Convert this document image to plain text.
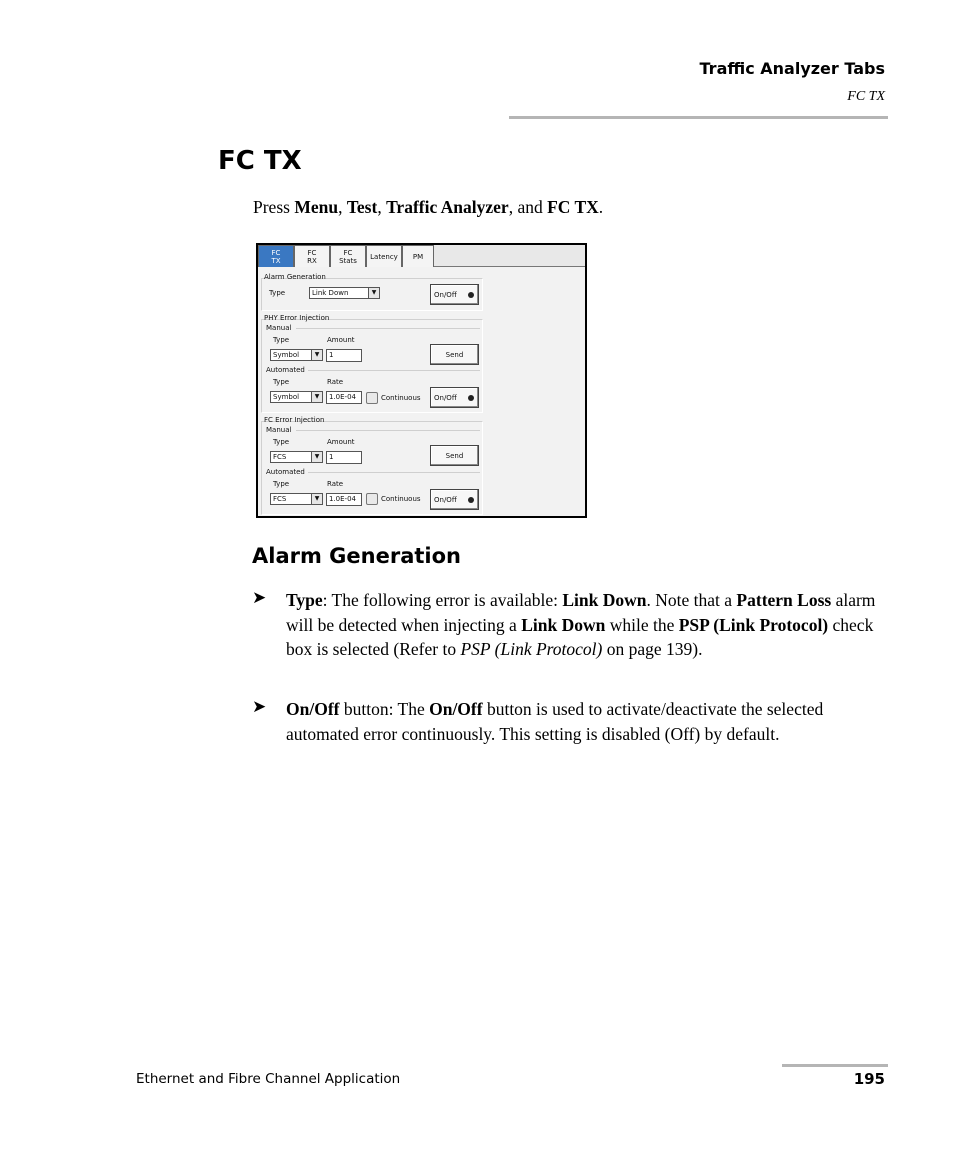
Traffic Analyzer Tabs
FC TX
FC TX
Press Menu, Test, Traffic Analyzer, and FC TX.
FC
TX
FC
RX
FC
Stats	Latency	PM
Alarm Generation
Type	Link Down	▼	On/Off
PHY Error Injection
Manual
Type	Amount
Symbol	▼	1	Send
Automated
Type	Rate
Symbol	▼	1.0E-04	Continuous On/Off
FC Error Injection
Manual
Type	Amount
FCS	▼	1	Send
Automated
Type	Rate
FCS	▼	1.0E-04	Continuous On/Off
Alarm Generation
➤ Type: The following error is available: Link Down. Note that a Pattern Loss alarm will be detected when injecting a Link Down while the PSP (Link Protocol) check box is selected (Refer to PSP (Link Protocol) on page 139).
➤ On/Off button: The On/Off button is used to activate/deactivate the selected automated error continuously. This setting is disabled (Off) by default.
Ethernet and Fibre Channel Application	195
